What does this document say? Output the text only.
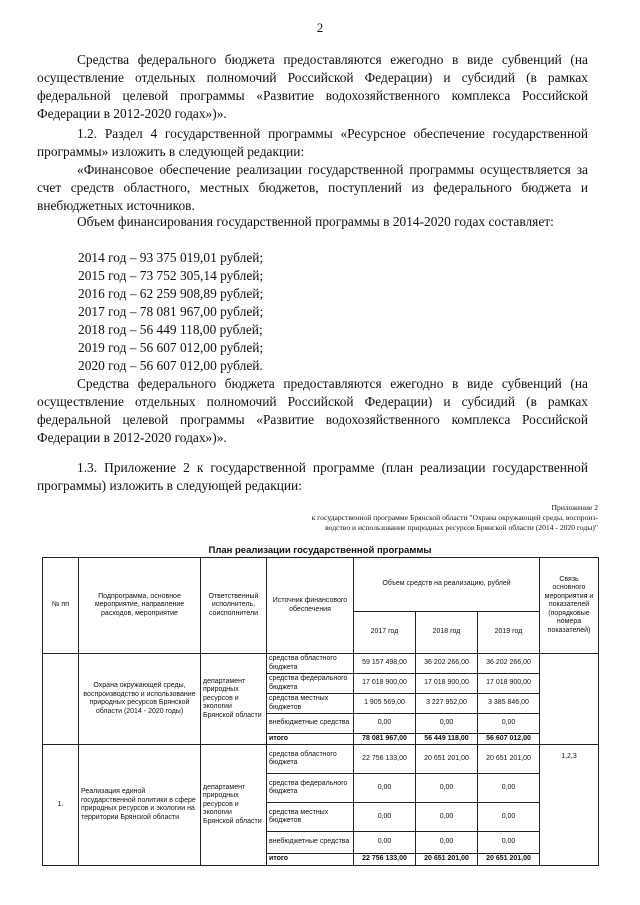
2
Средства федерального бюджета предоставляются ежегодно в виде субвенций (на осуществление отдельных полномочий Российской Федерации) и субсидий (в рамках федеральной целевой программы «Развитие водохозяйственного комплекса Российской Федерации в 2012-2020 годах»)».
1.2. Раздел 4 государственной программы «Ресурсное обеспечение государственной программы» изложить в следующей редакции:
«Финансовое обеспечение реализации государственной программы осуществляется за счет средств областного, местных бюджетов, поступлений из федерального бюджета и внебюджетных источников.
Объем финансирования государственной программы в 2014-2020 годах составляет:
2014 год – 93 375 019,01 рублей;
2015 год – 73 752 305,14 рублей;
2016 год – 62 259 908,89 рублей;
2017 год – 78 081 967,00 рублей;
2018 год – 56 449 118,00 рублей;
2019 год – 56 607 012,00 рублей;
2020 год – 56 607 012,00 рублей.
Средства федерального бюджета предоставляются ежегодно в виде субвенций (на осуществление отдельных полномочий Российской Федерации) и субсидий (в рамках федеральной целевой программы «Развитие водохозяйственного комплекса Российской Федерации в 2012-2020 годах»)».
1.3. Приложение 2 к государственной программе (план реализации государственной программы) изложить в следующей редакции:
Приложение 2
к государственной программе Брянской области "Охрана окружающей среды, воспроиз-
водство и использование природных ресурсов Брянской области (2014 - 2020 годы)"
План реализации государственной программы
№ пп	Подпрограмма, основное мероприятие, направление расходов, мероприятие	Ответственный исполнитель, соисполнители	Источник финансового обеспечения	Объем средств на реализацию, рублей			Связь основного мероприятия и показателей (порядковые номера показателей)
				2017 год	2018 год	2019 год	
	Охрана окружающей среды, воспроизводство и использование природных ресурсов Брянской области (2014 - 2020 годы)	департамент природных ресурсов и экологии Брянской области	средства областного бюджета	59 157 498,00	36 202 266,00	36 202 266,00	
			средства федерального бюджета	17 018 900,00	17 018 900,00	17 018 900,00	
			средства местных бюджетов	1 905 569,00	3 227 952,00	3 385 846,00	
			внебюджетные средства	0,00	0,00	0,00	
			итого	78 081 967,00	56 449 118,00	56 607 012,00	
1.	Реализация единой государственной политики в сфере природных ресурсов и экологии на территории Брянской области	департамент природных ресурсов и экологии Брянской области	средства областного бюджета	22 756 133,00	20 651 201,00	20 651 201,00	1,2,3
			средства федерального бюджета	0,00	0,00	0,00	
			средства местных бюджетов	0,00	0,00	0,00	
			внебюджетные средства	0,00	0,00	0,00	
			итого	22 756 133,00	20 651 201,00	20 651 201,00	
